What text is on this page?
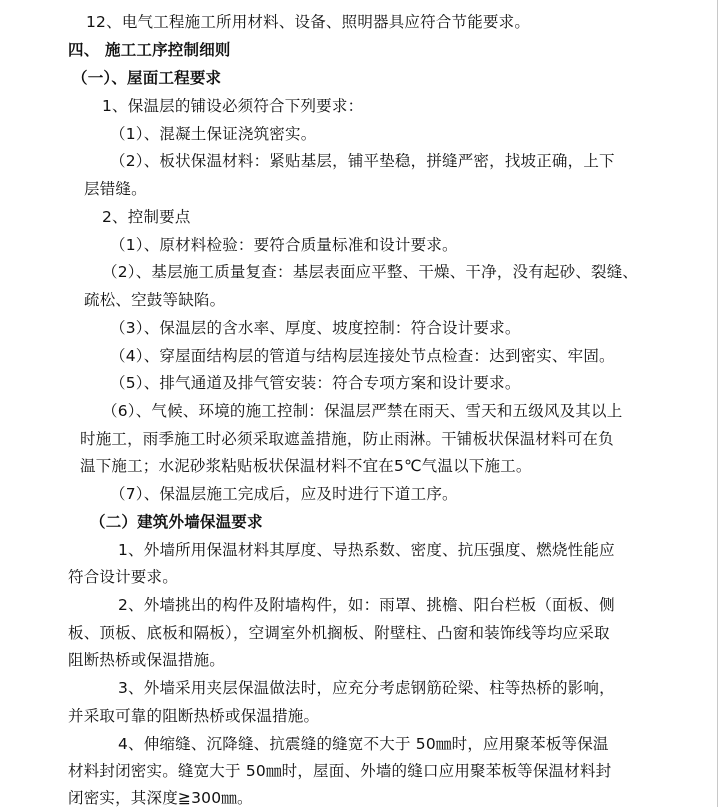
12、电气工程施工所用材料、设备、照明器具应符合节能要求。
四、 施工工序控制细则
（一）、屋面工程要求
1、保温层的铺设必须符合下列要求：
（1）、混凝土保证浇筑密实。
（2）、板状保温材料：紧贴基层，铺平垫稳，拼缝严密，找坡正确，上下
层错缝。
2、控制要点
（1）、原材料检验：要符合质量标准和设计要求。
（2）、基层施工质量复查：基层表面应平整、干燥、干净，没有起砂、裂缝、
疏松、空鼓等缺陷。
（3）、保温层的含水率、厚度、坡度控制：符合设计要求。
（4）、穿屋面结构层的管道与结构层连接处节点检查：达到密实、牢固。
（5）、排气通道及排气管安装：符合专项方案和设计要求。
（6）、气候、环境的施工控制：保温层严禁在雨天、雪天和五级风及其以上
时施工，雨季施工时必须采取遮盖措施，防止雨淋。干铺板状保温材料可在负
温下施工；水泥砂浆粘贴板状保温材料不宜在5℃气温以下施工。
（7）、保温层施工完成后，应及时进行下道工序。
（二）建筑外墙保温要求
1、外墙所用保温材料其厚度、导热系数、密度、抗压强度、燃烧性能应
符合设计要求。
2、外墙挑出的构件及附墙构件，如：雨罩、挑檐、阳台栏板（面板、侧
板、顶板、底板和隔板），空调室外机搁板、附壁柱、凸窗和装饰线等均应采取
阻断热桥或保温措施。
3、外墙采用夹层保温做法时，应充分考虑钢筋砼梁、柱等热桥的影响，
并采取可靠的阻断热桥或保温措施。
4、伸缩缝、沉降缝、抗震缝的缝宽不大于 50㎜时，应用聚苯板等保温
材料封闭密实。缝宽大于 50㎜时，屋面、外墙的缝口应用聚苯板等保温材料封
闭密实，其深度≧300㎜。
